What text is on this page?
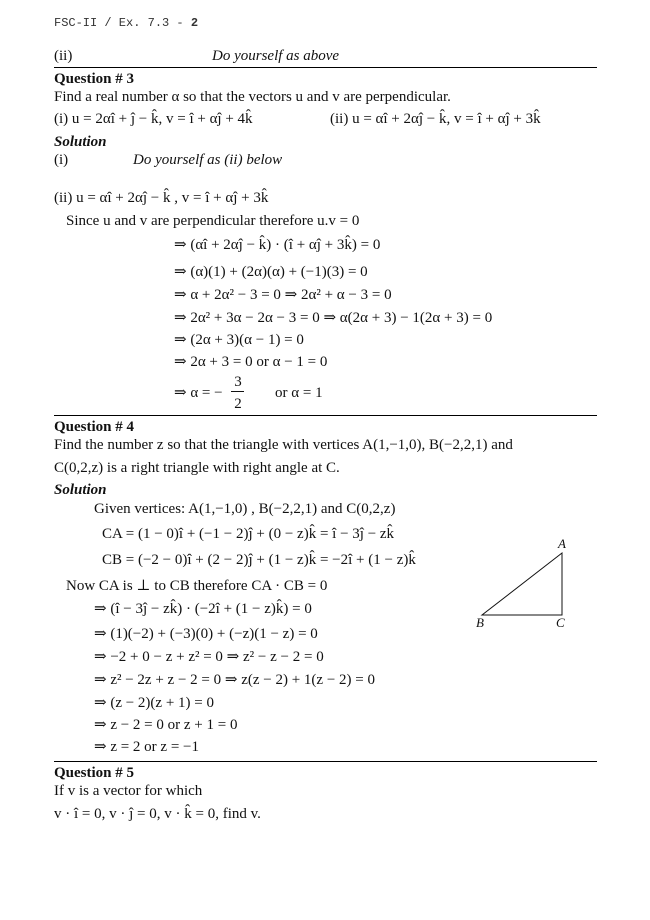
FSC-II / Ex. 7.3 - 2
(ii)	Do yourself as above
Question # 3
Find a real number α so that the vectors u and v are perpendicular.
(i) u = 2αî + ĵ − k̂, v = î + αĵ + 4k̂	(ii) u = αî + 2αĵ − k̂, v = î + αĵ + 3k̂
Solution
(i)	Do yourself as (ii) below
(ii) u = αî + 2αĵ − k̂ , v = î + αĵ + 3k̂
Since u and v are perpendicular therefore u.v = 0
⇒ (αî + 2αĵ − k̂) · (î + αĵ + 3k̂) = 0
⇒ (α)(1) + (2α)(α) + (−1)(3) = 0
⇒ α + 2α² − 3 = 0 ⇒ 2α² + α − 3 = 0
⇒ 2α² + 3α − 2α − 3 = 0 ⇒ α(2α + 3) − 1(2α + 3) = 0
⇒ (2α + 3)(α − 1) = 0
⇒ 2α + 3 = 0 or α − 1 = 0
⇒ α = −
3
2
or α = 1
Question # 4
Find the number z so that the triangle with vertices A(1,−1,0), B(−2,2,1) and
C(0,2,z) is a right triangle with right angle at C.
Solution
Given vertices: A(1,−1,0) , B(−2,2,1) and C(0,2,z)
CA = (1 − 0)î + (−1 − 2)ĵ + (0 − z)k̂ = î − 3ĵ − zk̂
CB = (−2 − 0)î + (2 − 2)ĵ + (1 − z)k̂ = −2î + (1 − z)k̂
Now CA is ⊥ to CB therefore CA · CB = 0
⇒ (î − 3ĵ − zk̂) · (−2î + (1 − z)k̂) = 0
⇒ (1)(−2) + (−3)(0) + (−z)(1 − z) = 0
⇒ −2 + 0 − z + z² = 0 ⇒ z² − z − 2 = 0
⇒ z² − 2z + z − 2 = 0 ⇒ z(z − 2) + 1(z − 2) = 0
⇒ (z − 2)(z + 1) = 0
⇒ z − 2 = 0 or z + 1 = 0
⇒ z = 2 or z = −1
A
B	C
Question # 5
If v is a vector for which
v · î = 0, v · ĵ = 0, v · k̂ = 0, find v.
